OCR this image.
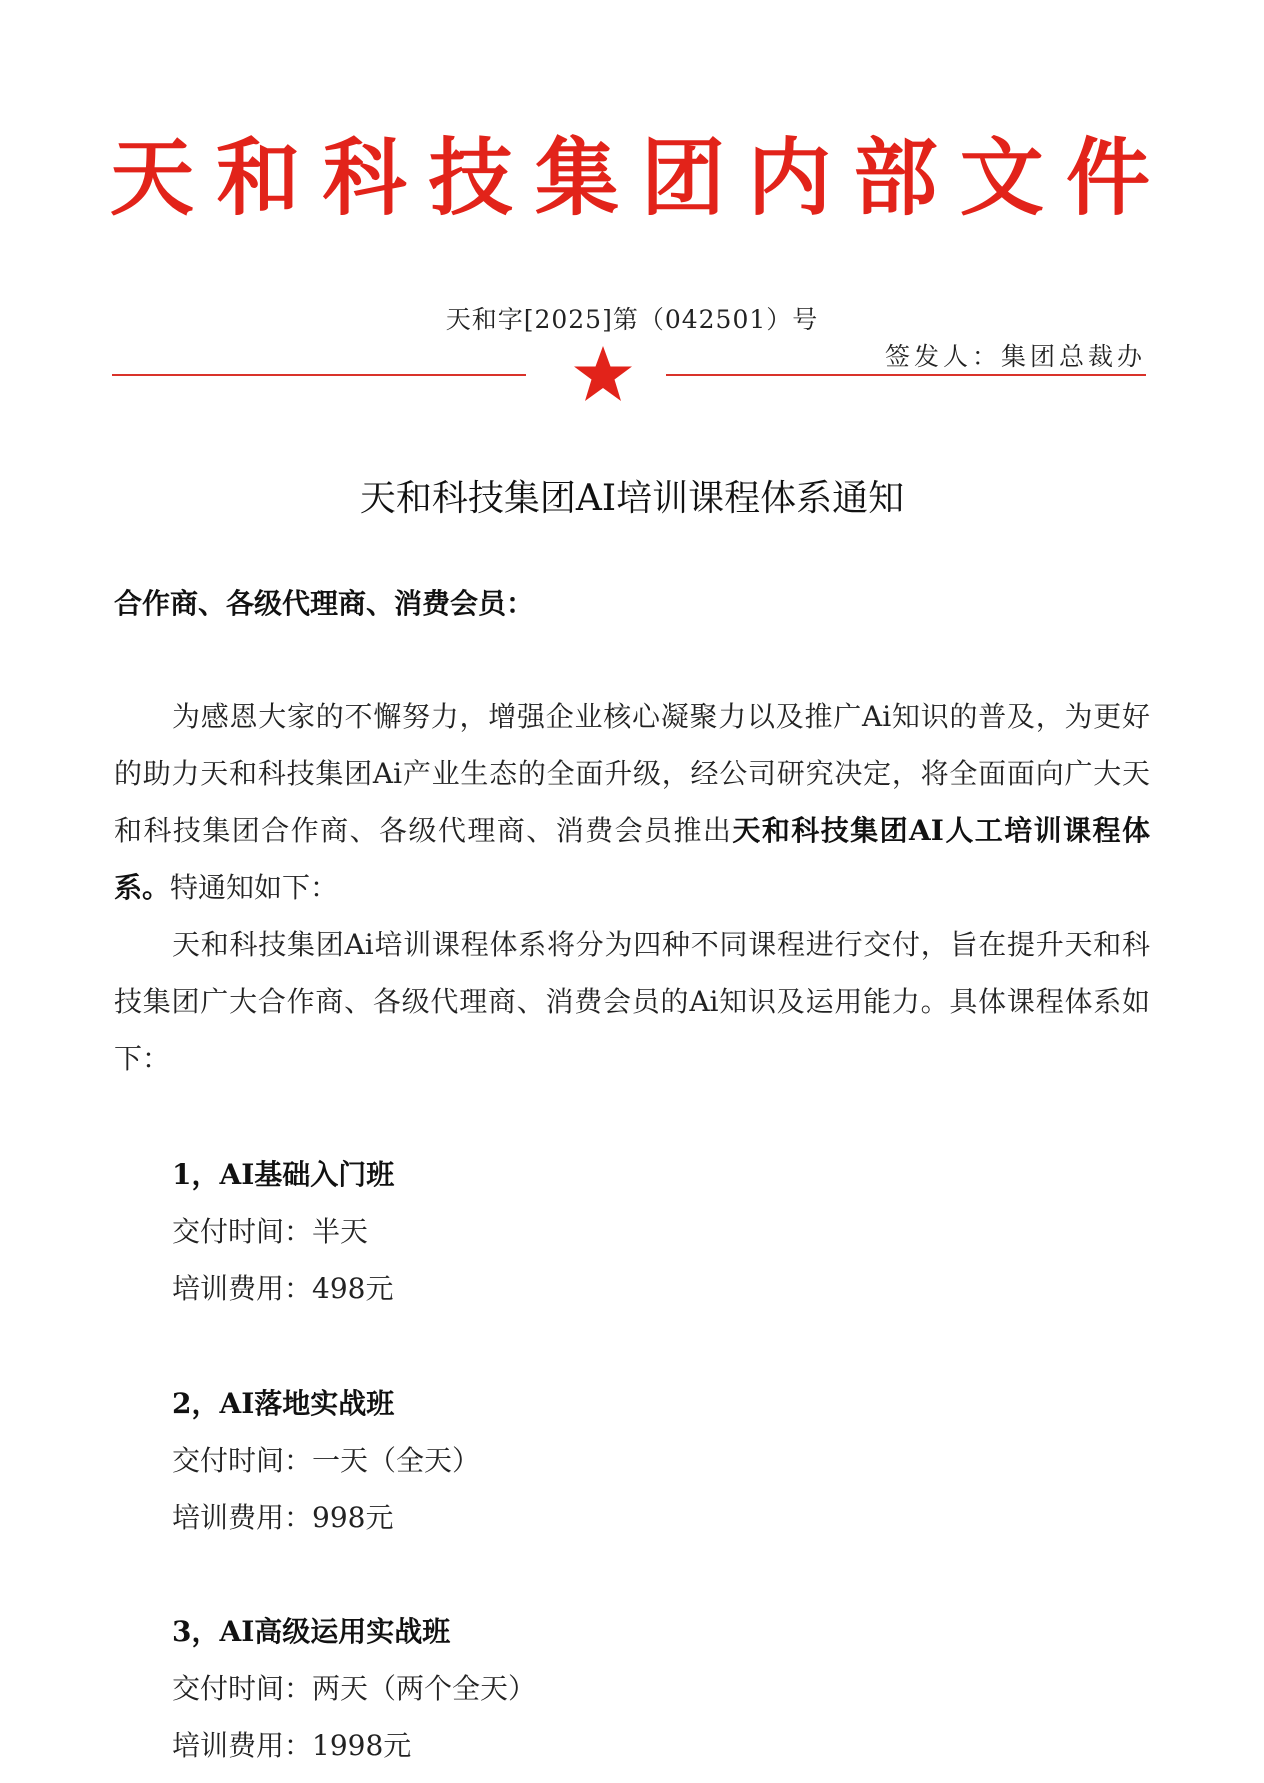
天 和 科 技 集 团 内 部 文 件
天和字[2025]第（042501）号
签发人：集团总裁办
天和科技集团AI培训课程体系通知
合作商、各级代理商、消费会员：
为感恩大家的不懈努力，增强企业核心凝聚力以及推广Ai知识的普及，为更好的助力天和科技集团Ai产业生态的全面升级，经公司研究决定，将全面面向广大天和科技集团合作商、各级代理商、消费会员推出天和科技集团AI人工培训课程体系。特通知如下：
天和科技集团Ai培训课程体系将分为四种不同课程进行交付，旨在提升天和科技集团广大合作商、各级代理商、消费会员的Ai知识及运用能力。具体课程体系如下：
1，AI基础入门班
交付时间：半天
培训费用：498元
2，AI落地实战班
交付时间：一天（全天）
培训费用：998元
3，AI高级运用实战班
交付时间：两天（两个全天）
培训费用：1998元
